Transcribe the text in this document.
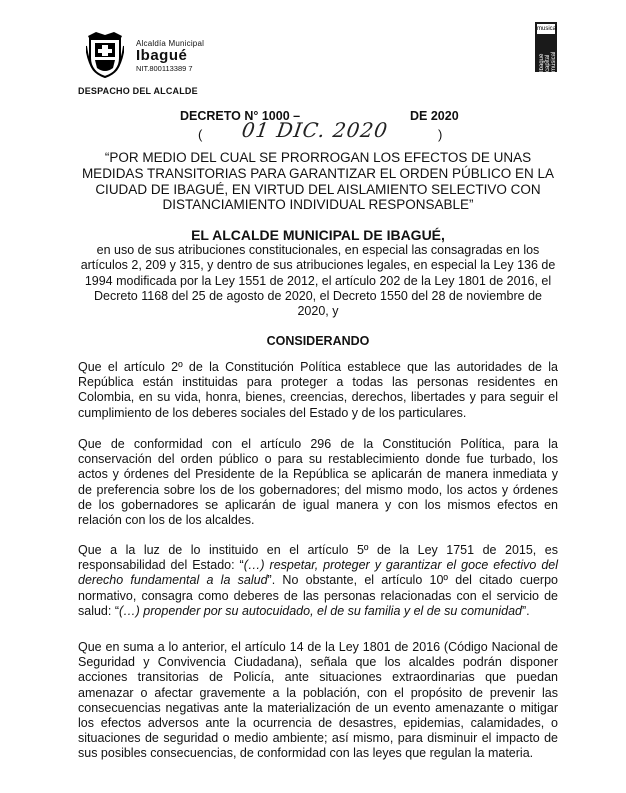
Alcaldía Municipal
Ibagué
NIT.800113389 7
DESPACHO DEL ALCALDE
musical
Ibagué capital musical
DECRETO N° 1000 –	DE 2020
( 01 DIC. 2020	)
“POR MEDIO DEL CUAL SE PRORROGAN LOS EFECTOS DE UNAS MEDIDAS TRANSITORIAS PARA GARANTIZAR EL ORDEN PÚBLICO EN LA CIUDAD DE IBAGUÉ, EN VIRTUD DEL AISLAMIENTO SELECTIVO CON DISTANCIAMIENTO INDIVIDUAL RESPONSABLE”
EL ALCALDE MUNICIPAL DE IBAGUÉ,
en uso de sus atribuciones constitucionales, en especial las consagradas en los artículos 2, 209 y 315, y dentro de sus atribuciones legales, en especial la Ley 136 de 1994 modificada por la Ley 1551 de 2012, el artículo 202 de la Ley 1801 de 2016, el Decreto 1168 del 25 de agosto de 2020, el Decreto 1550 del 28 de noviembre de 2020, y
CONSIDERANDO
Que el artículo 2º de la Constitución Política establece que las autoridades de la República están instituidas para proteger a todas las personas residentes en Colombia, en su vida, honra, bienes, creencias, derechos, libertades y para seguir el cumplimiento de los deberes sociales del Estado y de los particulares.
Que de conformidad con el artículo 296 de la Constitución Política, para la conservación del orden público o para su restablecimiento donde fue turbado, los actos y órdenes del Presidente de la República se aplicarán de manera inmediata y de preferencia sobre los de los gobernadores; del mismo modo, los actos y órdenes de los gobernadores se aplicarán de igual manera y con los mismos efectos en relación con los de los alcaldes.
Que a la luz de lo instituido en el artículo 5º de la Ley 1751 de 2015, es responsabilidad del Estado: “(…) respetar, proteger y garantizar el goce efectivo del derecho fundamental a la salud”. No obstante, el artículo 10º del citado cuerpo normativo, consagra como deberes de las personas relacionadas con el servicio de salud: “(…) propender por su autocuidado, el de su familia y el de su comunidad”.
Que en suma a lo anterior, el artículo 14 de la Ley 1801 de 2016 (Código Nacional de Seguridad y Convivencia Ciudadana), señala que los alcaldes podrán disponer acciones transitorias de Policía, ante situaciones extraordinarias que puedan amenazar o afectar gravemente a la población, con el propósito de prevenir las consecuencias negativas ante la materialización de un evento amenazante o mitigar los efectos adversos ante la ocurrencia de desastres, epidemias, calamidades, o situaciones de seguridad o medio ambiente; así mismo, para disminuir el impacto de sus posibles consecuencias, de conformidad con las leyes que regulan la materia.
